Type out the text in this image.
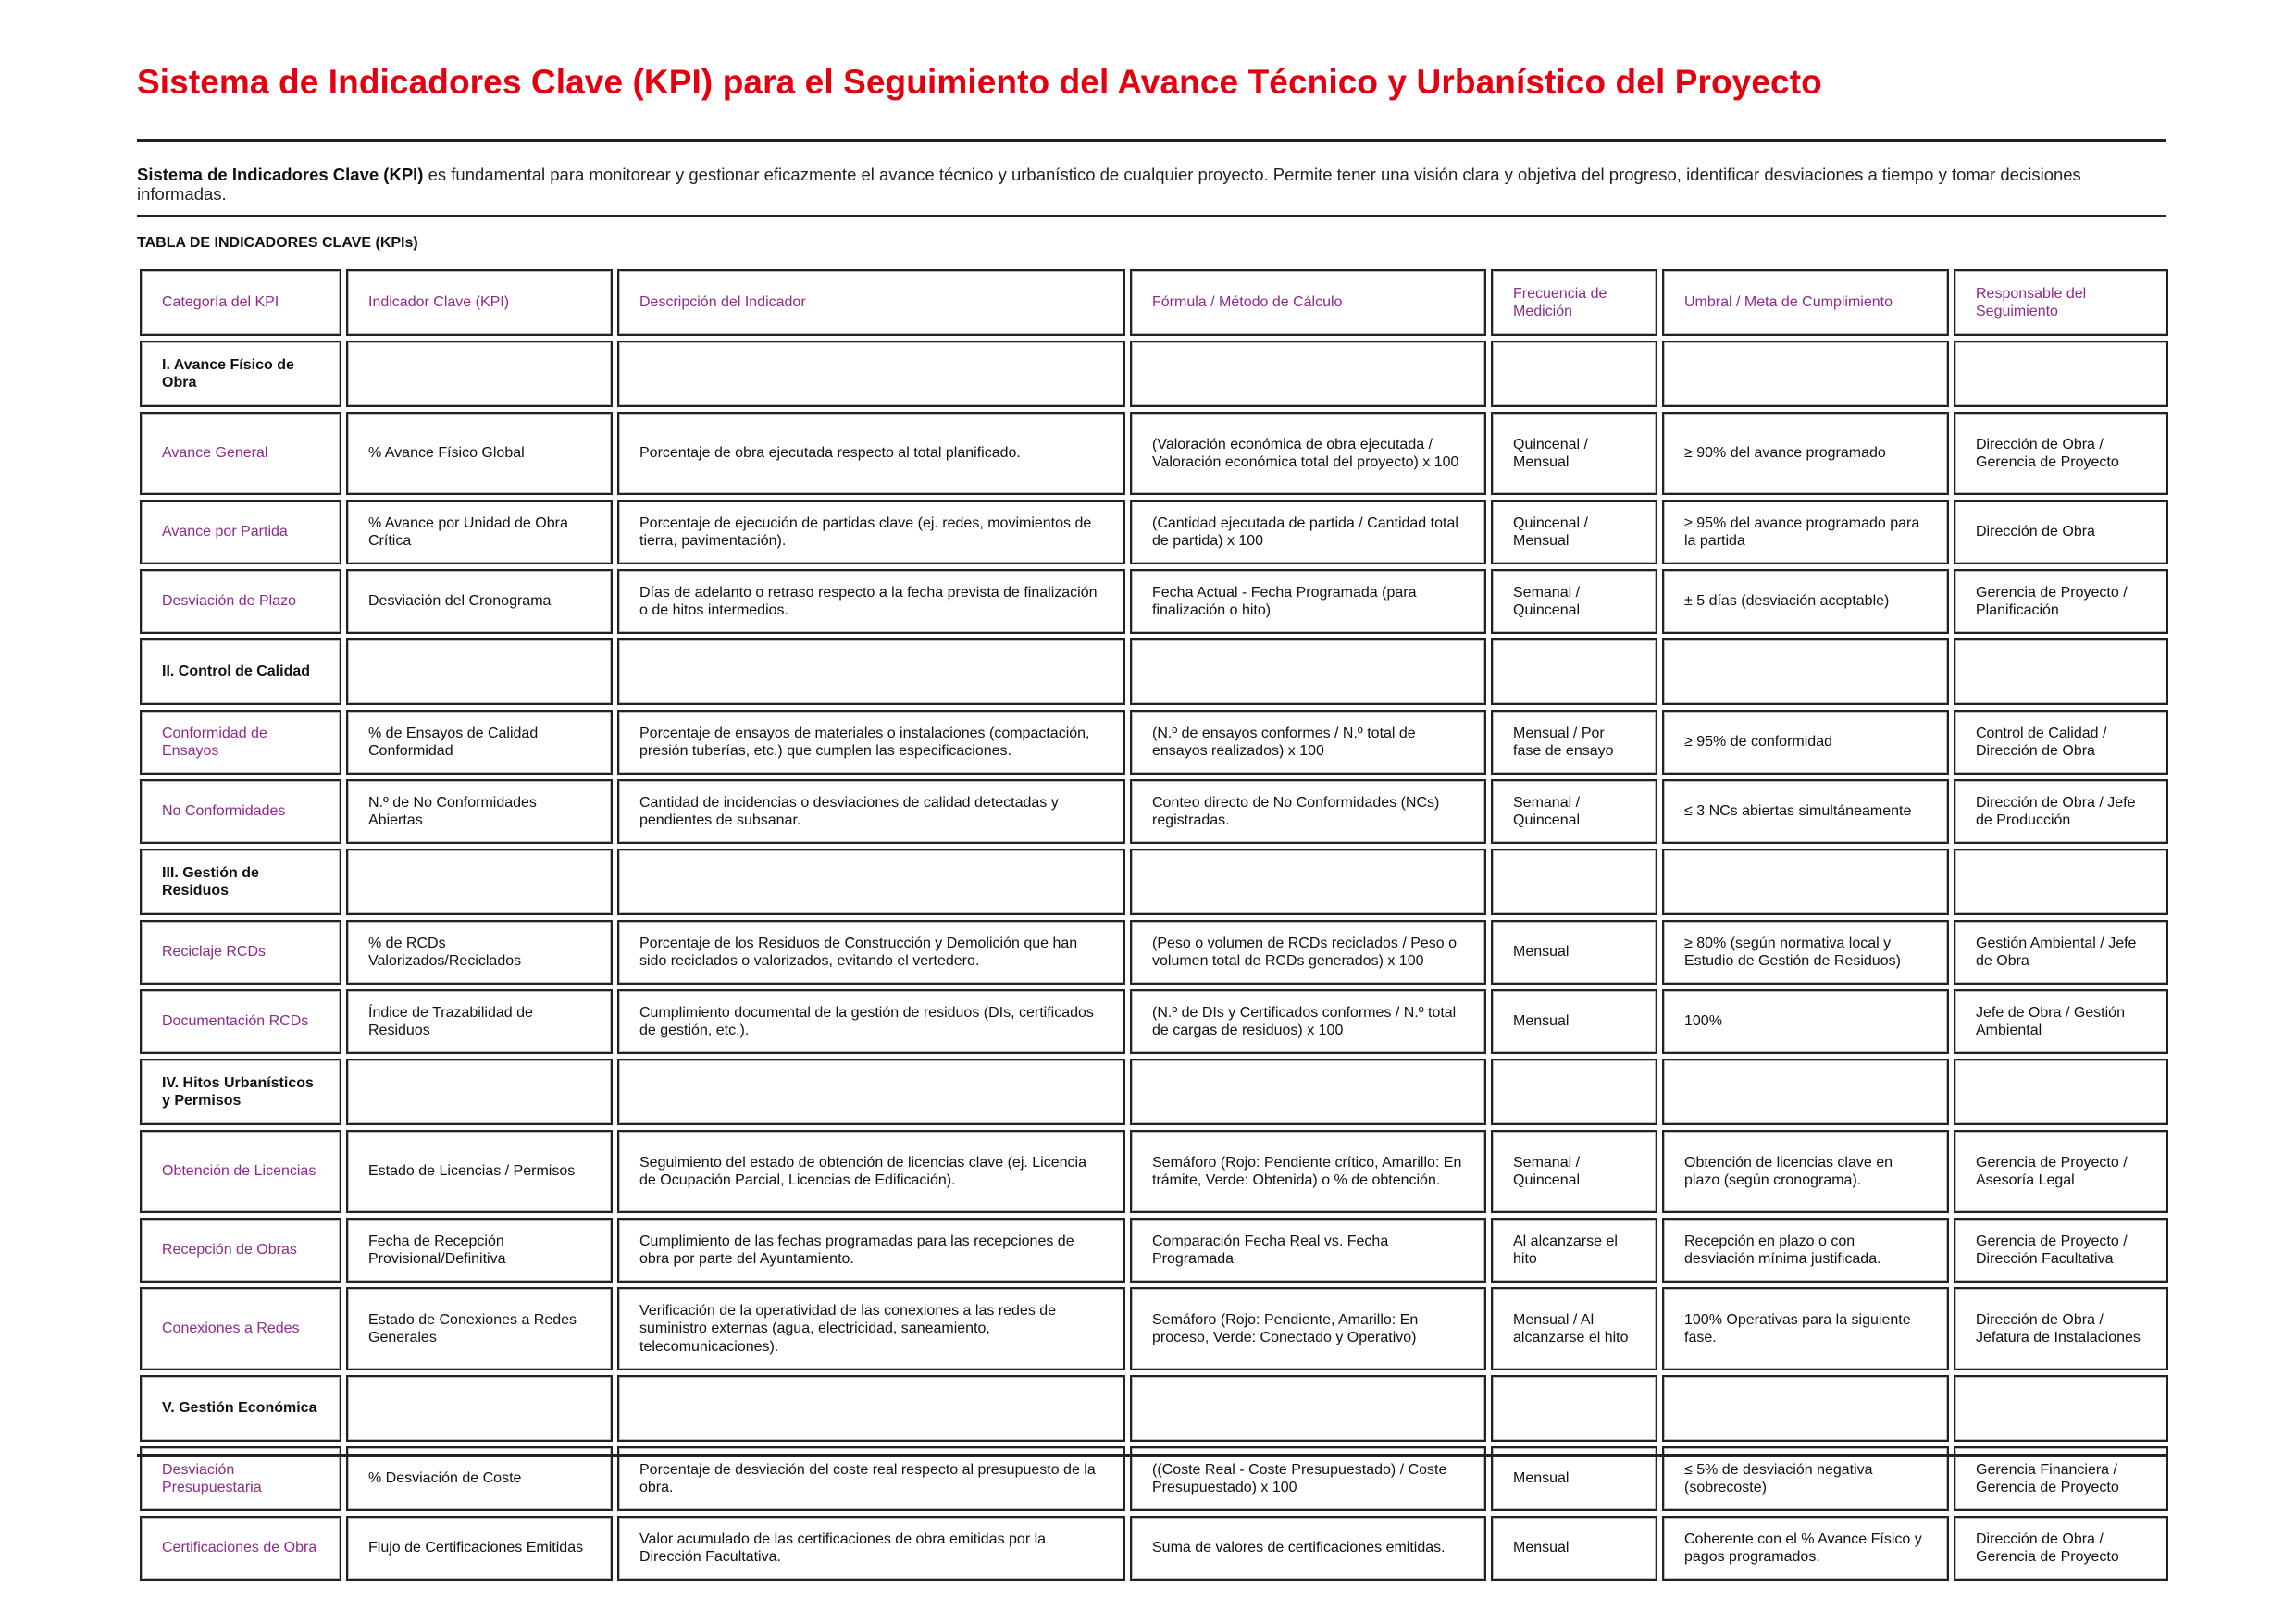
Sistema de Indicadores Clave (KPI) para el Seguimiento del Avance Técnico y Urbanístico del Proyecto

Sistema de Indicadores Clave (KPI) es fundamental para monitorear y gestionar eficazmente el avance técnico y urbanístico de cualquier proyecto. Permite tener una visión clara y objetiva del progreso, identificar desviaciones a tiempo y tomar decisiones informadas.

TABLA DE INDICADORES CLAVE (KPIs)

Categoría del KPI	Indicador Clave (KPI)	Descripción del Indicador	Fórmula / Método de Cálculo	Frecuencia de Medición	Umbral / Meta de Cumplimiento	Responsable del Seguimiento
I. Avance Físico de Obra						
Avance General	% Avance Físico Global	Porcentaje de obra ejecutada respecto al total planificado.	(Valoración económica de obra ejecutada / Valoración económica total del proyecto) x 100	Quincenal / Mensual	≥ 90% del avance programado	Dirección de Obra / Gerencia de Proyecto
Avance por Partida	% Avance por Unidad de Obra Crítica	Porcentaje de ejecución de partidas clave (ej. redes, movimientos de tierra, pavimentación).	(Cantidad ejecutada de partida / Cantidad total de partida) x 100	Quincenal / Mensual	≥ 95% del avance programado para la partida	Dirección de Obra
Desviación de Plazo	Desviación del Cronograma	Días de adelanto o retraso respecto a la fecha prevista de finalización o de hitos intermedios.	Fecha Actual - Fecha Programada (para finalización o hito)	Semanal / Quincenal	± 5 días (desviación aceptable)	Gerencia de Proyecto / Planificación
II. Control de Calidad						
Conformidad de Ensayos	% de Ensayos de Calidad Conformidad	Porcentaje de ensayos de materiales o instalaciones (compactación, presión tuberías, etc.) que cumplen las especificaciones.	(N.º de ensayos conformes / N.º total de ensayos realizados) x 100	Mensual / Por fase de ensayo	≥ 95% de conformidad	Control de Calidad / Dirección de Obra
No Conformidades	N.º de No Conformidades Abiertas	Cantidad de incidencias o desviaciones de calidad detectadas y pendientes de subsanar.	Conteo directo de No Conformidades (NCs) registradas.	Semanal / Quincenal	≤ 3 NCs abiertas simultáneamente	Dirección de Obra / Jefe de Producción
III. Gestión de Residuos						
Reciclaje RCDs	% de RCDs Valorizados/Reciclados	Porcentaje de los Residuos de Construcción y Demolición que han sido reciclados o valorizados, evitando el vertedero.	(Peso o volumen de RCDs reciclados / Peso o volumen total de RCDs generados) x 100	Mensual	≥ 80% (según normativa local y Estudio de Gestión de Residuos)	Gestión Ambiental / Jefe de Obra
Documentación RCDs	Índice de Trazabilidad de Residuos	Cumplimiento documental de la gestión de residuos (DIs, certificados de gestión, etc.).	(N.º de DIs y Certificados conformes / N.º total de cargas de residuos) x 100	Mensual	100%	Jefe de Obra / Gestión Ambiental
IV. Hitos Urbanísticos y Permisos						
Obtención de Licencias	Estado de Licencias / Permisos	Seguimiento del estado de obtención de licencias clave (ej. Licencia de Ocupación Parcial, Licencias de Edificación).	Semáforo (Rojo: Pendiente crítico, Amarillo: En trámite, Verde: Obtenida) o % de obtención.	Semanal / Quincenal	Obtención de licencias clave en plazo (según cronograma).	Gerencia de Proyecto / Asesoría Legal
Recepción de Obras	Fecha de Recepción Provisional/Definitiva	Cumplimiento de las fechas programadas para las recepciones de obra por parte del Ayuntamiento.	Comparación Fecha Real vs. Fecha Programada	Al alcanzarse el hito	Recepción en plazo o con desviación mínima justificada.	Gerencia de Proyecto / Dirección Facultativa
Conexiones a Redes	Estado de Conexiones a Redes Generales	Verificación de la operatividad de las conexiones a las redes de suministro externas (agua, electricidad, saneamiento, telecomunicaciones).	Semáforo (Rojo: Pendiente, Amarillo: En proceso, Verde: Conectado y Operativo)	Mensual / Al alcanzarse el hito	100% Operativas para la siguiente fase.	Dirección de Obra / Jefatura de Instalaciones
V. Gestión Económica						
Desviación Presupuestaria	% Desviación de Coste	Porcentaje de desviación del coste real respecto al presupuesto de la obra.	((Coste Real - Coste Presupuestado) / Coste Presupuestado) x 100	Mensual	≤ 5% de desviación negativa (sobrecoste)	Gerencia Financiera / Gerencia de Proyecto
Certificaciones de Obra	Flujo de Certificaciones Emitidas	Valor acumulado de las certificaciones de obra emitidas por la Dirección Facultativa.	Suma de valores de certificaciones emitidas.	Mensual	Coherente con el % Avance Físico y pagos programados.	Dirección de Obra / Gerencia de Proyecto
